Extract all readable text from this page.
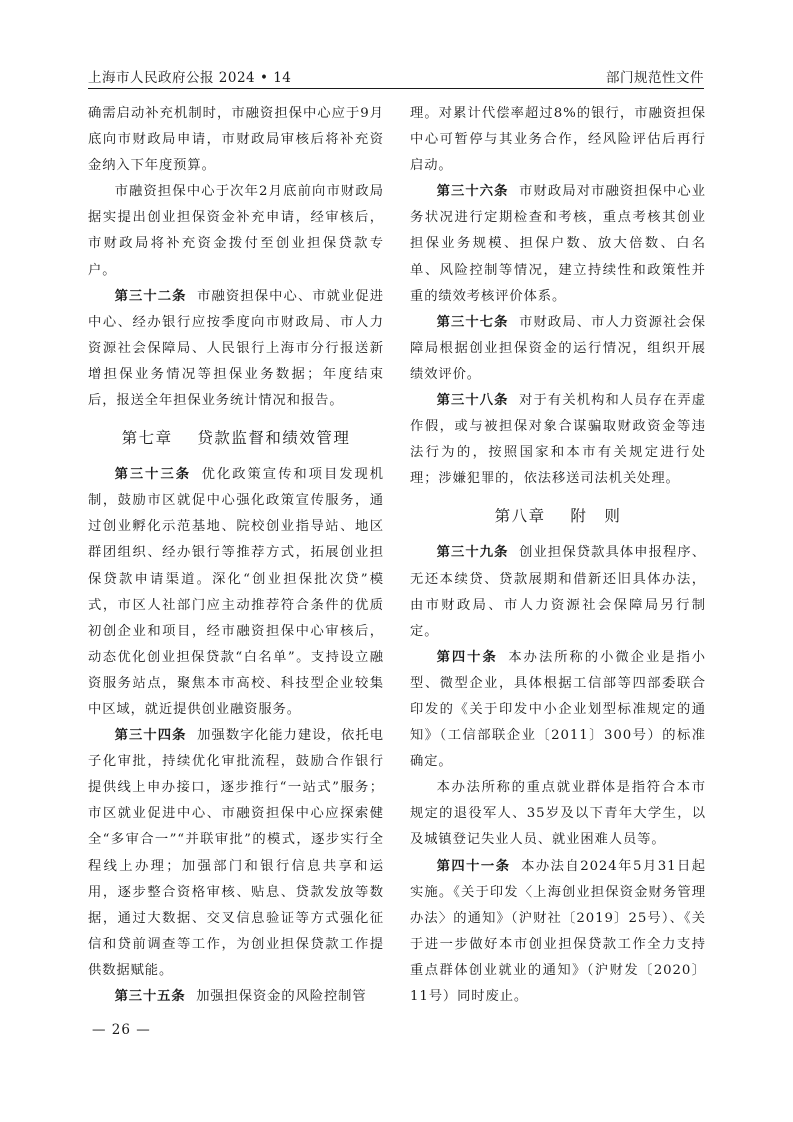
上海市人民政府公报 2024 • 14	部门规范性文件

确需启动补充机制时，市融资担保中心应于9月底向市财政局申请，市财政局审核后将补充资金纳入下年度预算。

市融资担保中心于次年2月底前向市财政局据实提出创业担保资金补充申请，经审核后，市财政局将补充资金拨付至创业担保贷款专户。

第三十二条 市融资担保中心、市就业促进中心、经办银行应按季度向市财政局、市人力资源社会保障局、人民银行上海市分行报送新增担保业务情况等担保业务数据；年度结束后，报送全年担保业务统计情况和报告。

第七章 贷款监督和绩效管理

第三十三条 优化政策宣传和项目发现机制，鼓励市区就促中心强化政策宣传服务，通过创业孵化示范基地、院校创业指导站、地区群团组织、经办银行等推荐方式，拓展创业担保贷款申请渠道。深化“创业担保批次贷”模式，市区人社部门应主动推荐符合条件的优质初创企业和项目，经市融资担保中心审核后，动态优化创业担保贷款“白名单”。支持设立融资服务站点，聚焦本市高校、科技型企业较集中区域，就近提供创业融资服务。

第三十四条 加强数字化能力建设，依托电子化审批，持续优化审批流程，鼓励合作银行提供线上申办接口，逐步推行“一站式”服务；市区就业促进中心、市融资担保中心应探索健全“多审合一”“并联审批”的模式，逐步实行全程线上办理；加强部门和银行信息共享和运用，逐步整合资格审核、贴息、贷款发放等数据，通过大数据、交叉信息验证等方式强化征信和贷前调查等工作，为创业担保贷款工作提供数据赋能。

第三十五条 加强担保资金的风险控制管

理。对累计代偿率超过8%的银行，市融资担保中心可暂停与其业务合作，经风险评估后再行启动。

第三十六条 市财政局对市融资担保中心业务状况进行定期检查和考核，重点考核其创业担保业务规模、担保户数、放大倍数、白名单、风险控制等情况，建立持续性和政策性并重的绩效考核评价体系。

第三十七条 市财政局、市人力资源社会保障局根据创业担保资金的运行情况，组织开展绩效评价。

第三十八条 对于有关机构和人员存在弄虚作假，或与被担保对象合谋骗取财政资金等违法行为的，按照国家和本市有关规定进行处理；涉嫌犯罪的，依法移送司法机关处理。

第八章 附　则

第三十九条 创业担保贷款具体申报程序、无还本续贷、贷款展期和借新还旧具体办法，由市财政局、市人力资源社会保障局另行制定。

第四十条 本办法所称的小微企业是指小型、微型企业，具体根据工信部等四部委联合印发的《关于印发中小企业划型标准规定的通知》（工信部联企业〔2011〕300号）的标准确定。

本办法所称的重点就业群体是指符合本市规定的退役军人、35岁及以下青年大学生，以及城镇登记失业人员、就业困难人员等。

第四十一条 本办法自2024年5月31日起实施。《关于印发〈上海创业担保资金财务管理办法〉的通知》（沪财社〔2019〕25号）、《关于进一步做好本市创业担保贷款工作全力支持重点群体创业就业的通知》（沪财发〔2020〕11号）同时废止。

— 26 —
